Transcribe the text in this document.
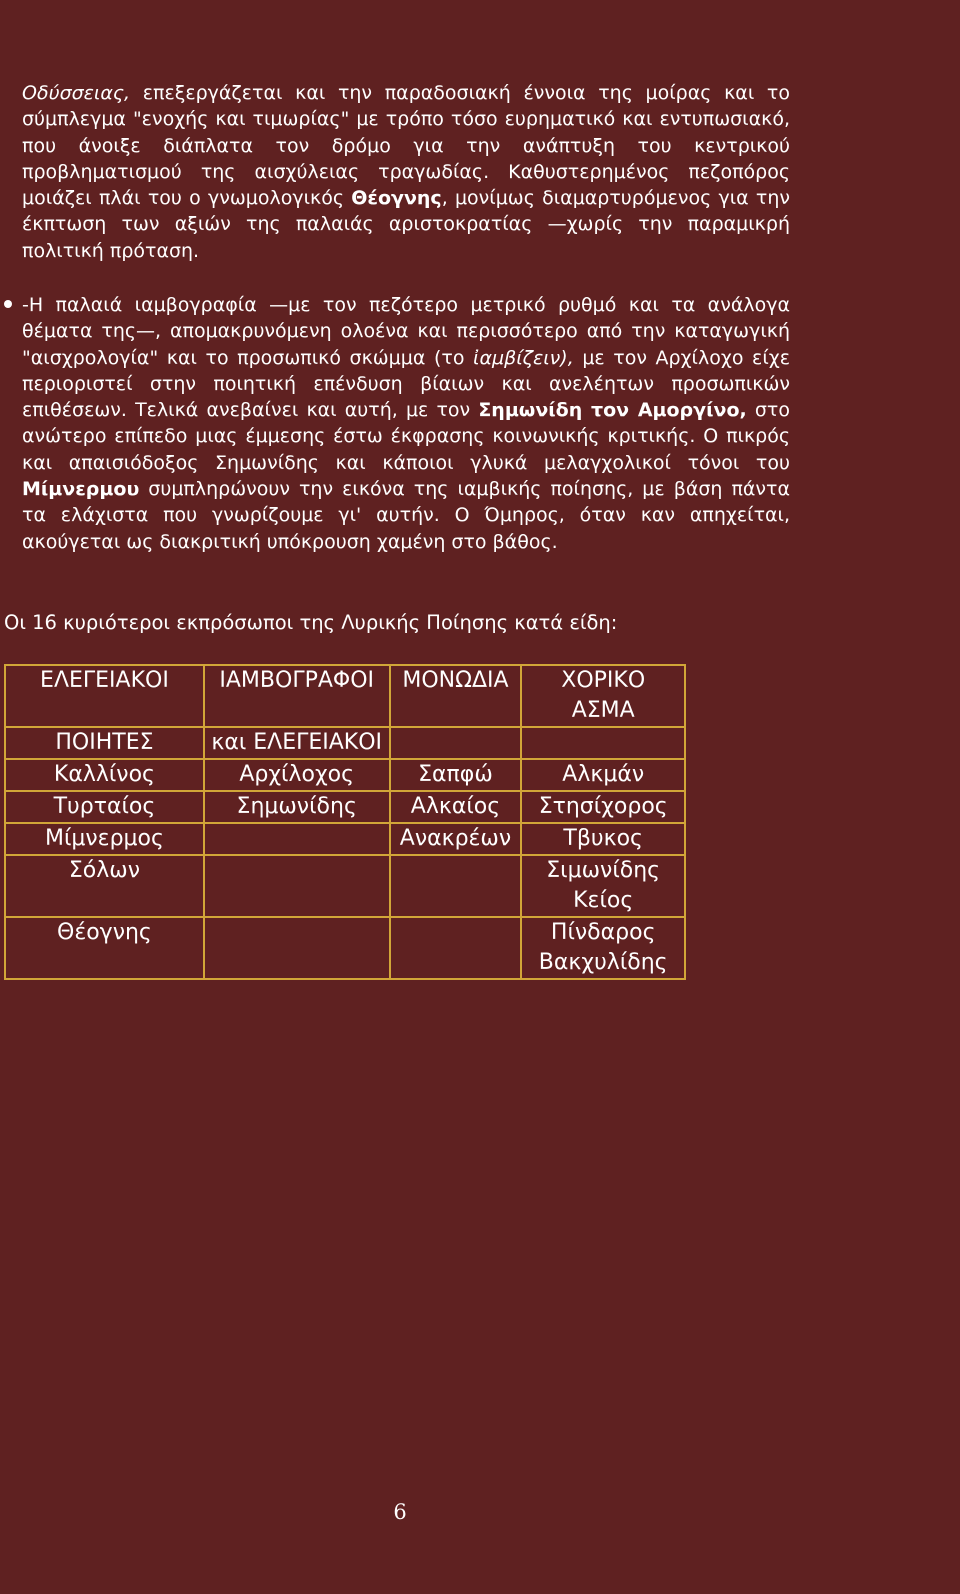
Οδύσσειας, επεξεργάζεται και την παραδοσιακή έννοια της μοίρας και το σύμπλεγμα "ενοχής και τιμωρίας" με τρόπο τόσο ευρηματικό και εντυπωσιακό, που άνοιξε διάπλατα τον δρόμο για την ανάπτυξη του κεντρικού προβληματισμού της αισχύλειας τραγωδίας. Καθυστερημένος πεζοπόρος μοιάζει πλάι του ο γνωμολογικός Θέογνης, μονίμως διαμαρτυρόμενος για την έκπτωση των αξιών της παλαιάς αριστοκρατίας —χωρίς την παραμικρή πολιτική πρόταση.

-Η παλαιά ιαμβογραφία —με τον πεζότερο μετρικό ρυθμό και τα ανάλογα θέματα της—, απομακρυνόμενη ολοένα και περισσότερο από την καταγωγική "αισχρολογία" και το προσωπικό σκώμμα (το ἰαμβίζειν), με τον Αρχίλοχο είχε περιοριστεί στην ποιητική επένδυση βίαιων και ανελέητων προσωπικών επιθέσεων. Τελικά ανεβαίνει και αυτή, με τον Σημωνίδη τον Αμοργίνο, στο ανώτερο επίπεδο μιας έμμεσης έστω έκφρασης κοινωνικής κριτικής. Ο πικρός και απαισιόδοξος Σημωνίδης και κάποιοι γλυκά μελαγχολικοί τόνοι του Μίμνερμου συμπληρώνουν την εικόνα της ιαμβικής ποίησης, με βάση πάντα τα ελάχιστα που γνωρίζουμε γι' αυτήν. Ο Όμηρος, όταν καν απηχείται, ακούγεται ως διακριτική υπόκρουση χαμένη στο βάθος.

Οι 16 κυριότεροι εκπρόσωποι της Λυρικής Ποίησης κατά είδη:

ΕΛΕΓΕΙΑΚΟΙ	ΙΑΜΒΟΓΡΑΦΟΙ	ΜΟΝΩΔΙΑ	ΧΟΡΙΚΟ ΑΣΜΑ
ΠΟΙΗΤΕΣ	και ΕΛΕΓΕΙΑΚΟΙ		
Καλλίνος	Αρχίλοχος	Σαπφώ	Αλκμάν
Τυρταίος	Σημωνίδης	Αλκαίος	Στησίχορος
Μίμνερμος		Ανακρέων	Τβυκος
Σόλων			Σιμωνίδης Κείος
Θέογνης			Πίνδαρος Βακχυλίδης
6
